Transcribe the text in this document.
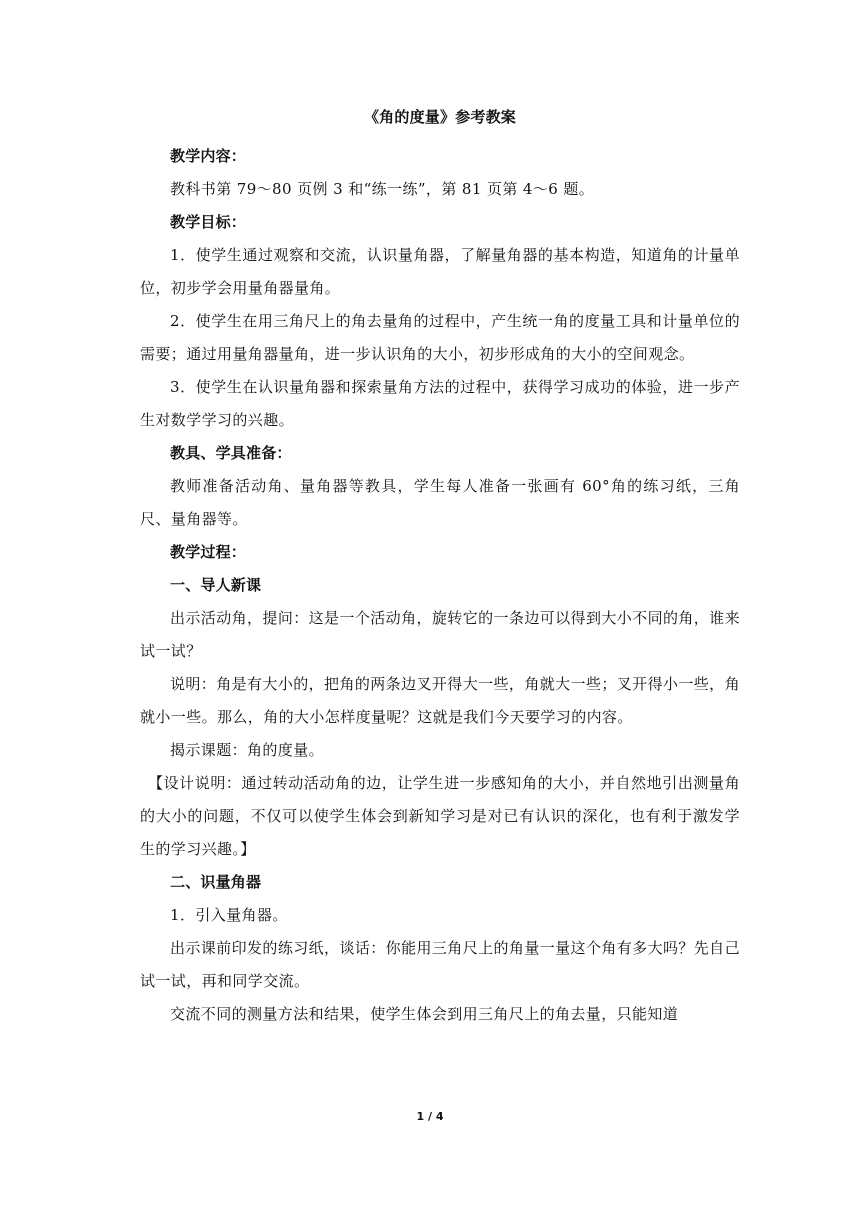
《角的度量》参考教案

教学内容：

教科书第 79～80 页例 3 和“练一练”，第 81 页第 4～6 题。

教学目标：

1．使学生通过观察和交流，认识量角器，了解量角器的基本构造，知道角的计量单位，初步学会用量角器量角。

2．使学生在用三角尺上的角去量角的过程中，产生统一角的度量工具和计量单位的需要；通过用量角器量角，进一步认识角的大小，初步形成角的大小的空间观念。

3．使学生在认识量角器和探索量角方法的过程中，获得学习成功的体验，进一步产生对数学学习的兴趣。

教具、学具准备：

教师准备活动角、量角器等教具，学生每人准备一张画有 60°角的练习纸，三角尺、量角器等。

教学过程：

一、导人新课

出示活动角，提问：这是一个活动角，旋转它的一条边可以得到大小不同的角，谁来试一试？

说明：角是有大小的，把角的两条边叉开得大一些，角就大一些；叉开得小一些，角就小一些。那么，角的大小怎样度量呢？这就是我们今天要学习的内容。

揭示课题：角的度量。

【设计说明：通过转动活动角的边，让学生进一步感知角的大小，并自然地引出测量角的大小的问题，不仅可以使学生体会到新知学习是对已有认识的深化，也有利于激发学生的学习兴趣。】

二、识量角器

1．引入量角器。

出示课前印发的练习纸，谈话：你能用三角尺上的角量一量这个角有多大吗？先自己试一试，再和同学交流。

交流不同的测量方法和结果，使学生体会到用三角尺上的角去量，只能知道

1 / 4
